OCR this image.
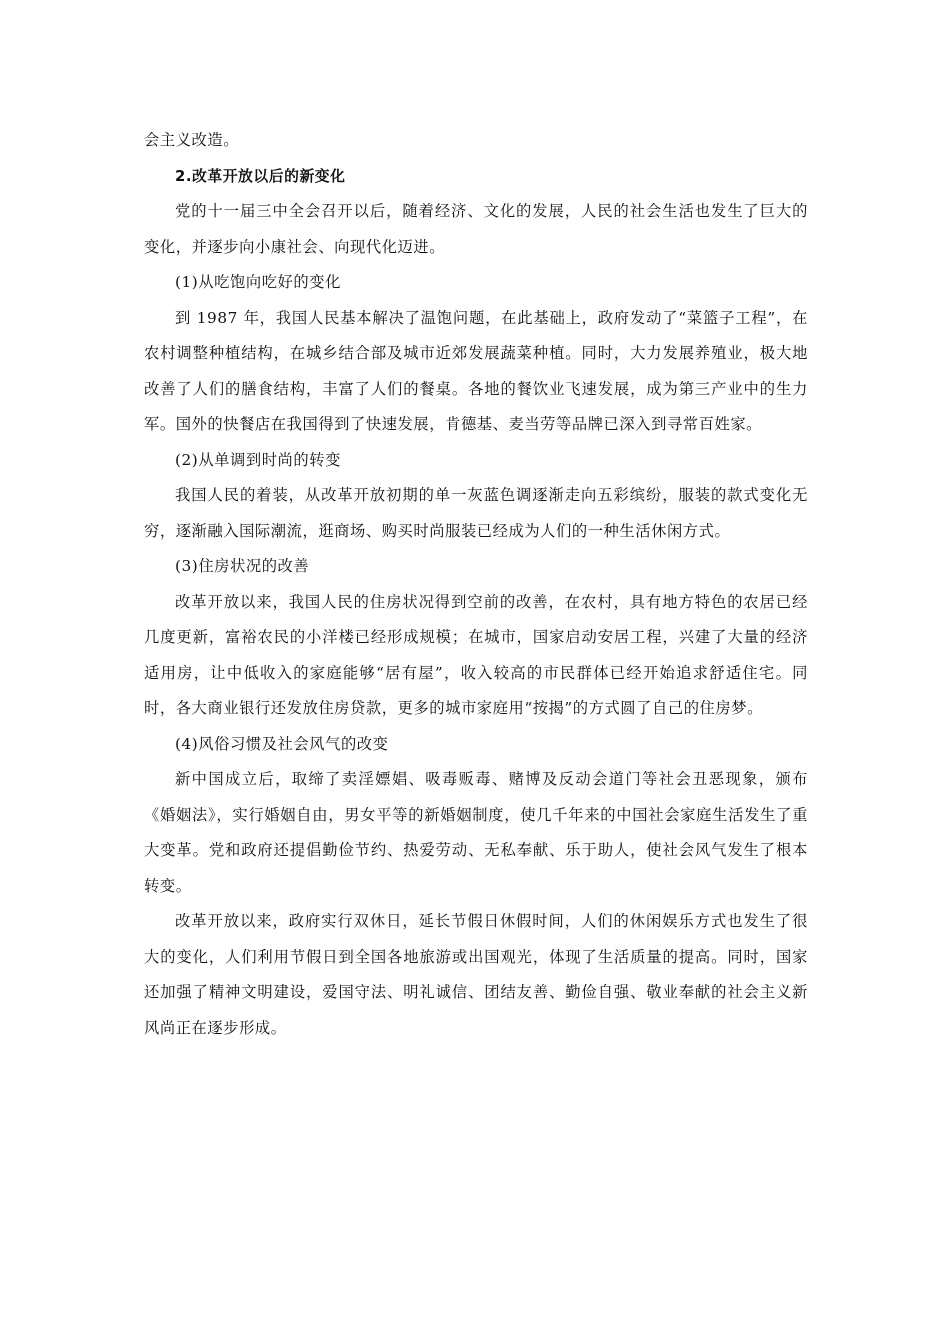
会主义改造。

2.改革开放以后的新变化

党的十一届三中全会召开以后，随着经济、文化的发展，人民的社会生活也发生了巨大的变化，并逐步向小康社会、向现代化迈进。

(1)从吃饱向吃好的变化

到 1987 年，我国人民基本解决了温饱问题，在此基础上，政府发动了“菜篮子工程”，在农村调整种植结构，在城乡结合部及城市近郊发展蔬菜种植。同时，大力发展养殖业，极大地改善了人们的膳食结构，丰富了人们的餐桌。各地的餐饮业飞速发展，成为第三产业中的生力军。国外的快餐店在我国得到了快速发展，肯德基、麦当劳等品牌已深入到寻常百姓家。

(2)从单调到时尚的转变

我国人民的着装，从改革开放初期的单一灰蓝色调逐渐走向五彩缤纷，服装的款式变化无穷，逐渐融入国际潮流，逛商场、购买时尚服装已经成为人们的一种生活休闲方式。

(3)住房状况的改善

改革开放以来，我国人民的住房状况得到空前的改善，在农村，具有地方特色的农居已经几度更新，富裕农民的小洋楼已经形成规模；在城市，国家启动安居工程，兴建了大量的经济适用房，让中低收入的家庭能够“居有屋”，收入较高的市民群体已经开始追求舒适住宅。同时，各大商业银行还发放住房贷款，更多的城市家庭用“按揭”的方式圆了自己的住房梦。

(4)风俗习惯及社会风气的改变

新中国成立后，取缔了卖淫嫖娼、吸毒贩毒、赌博及反动会道门等社会丑恶现象，颁布《婚姻法》，实行婚姻自由，男女平等的新婚姻制度，使几千年来的中国社会家庭生活发生了重大变革。党和政府还提倡勤俭节约、热爱劳动、无私奉献、乐于助人，使社会风气发生了根本转变。

改革开放以来，政府实行双休日，延长节假日休假时间，人们的休闲娱乐方式也发生了很大的变化，人们利用节假日到全国各地旅游或出国观光，体现了生活质量的提高。同时，国家还加强了精神文明建设，爱国守法、明礼诚信、团结友善、勤俭自强、敬业奉献的社会主义新风尚正在逐步形成。
